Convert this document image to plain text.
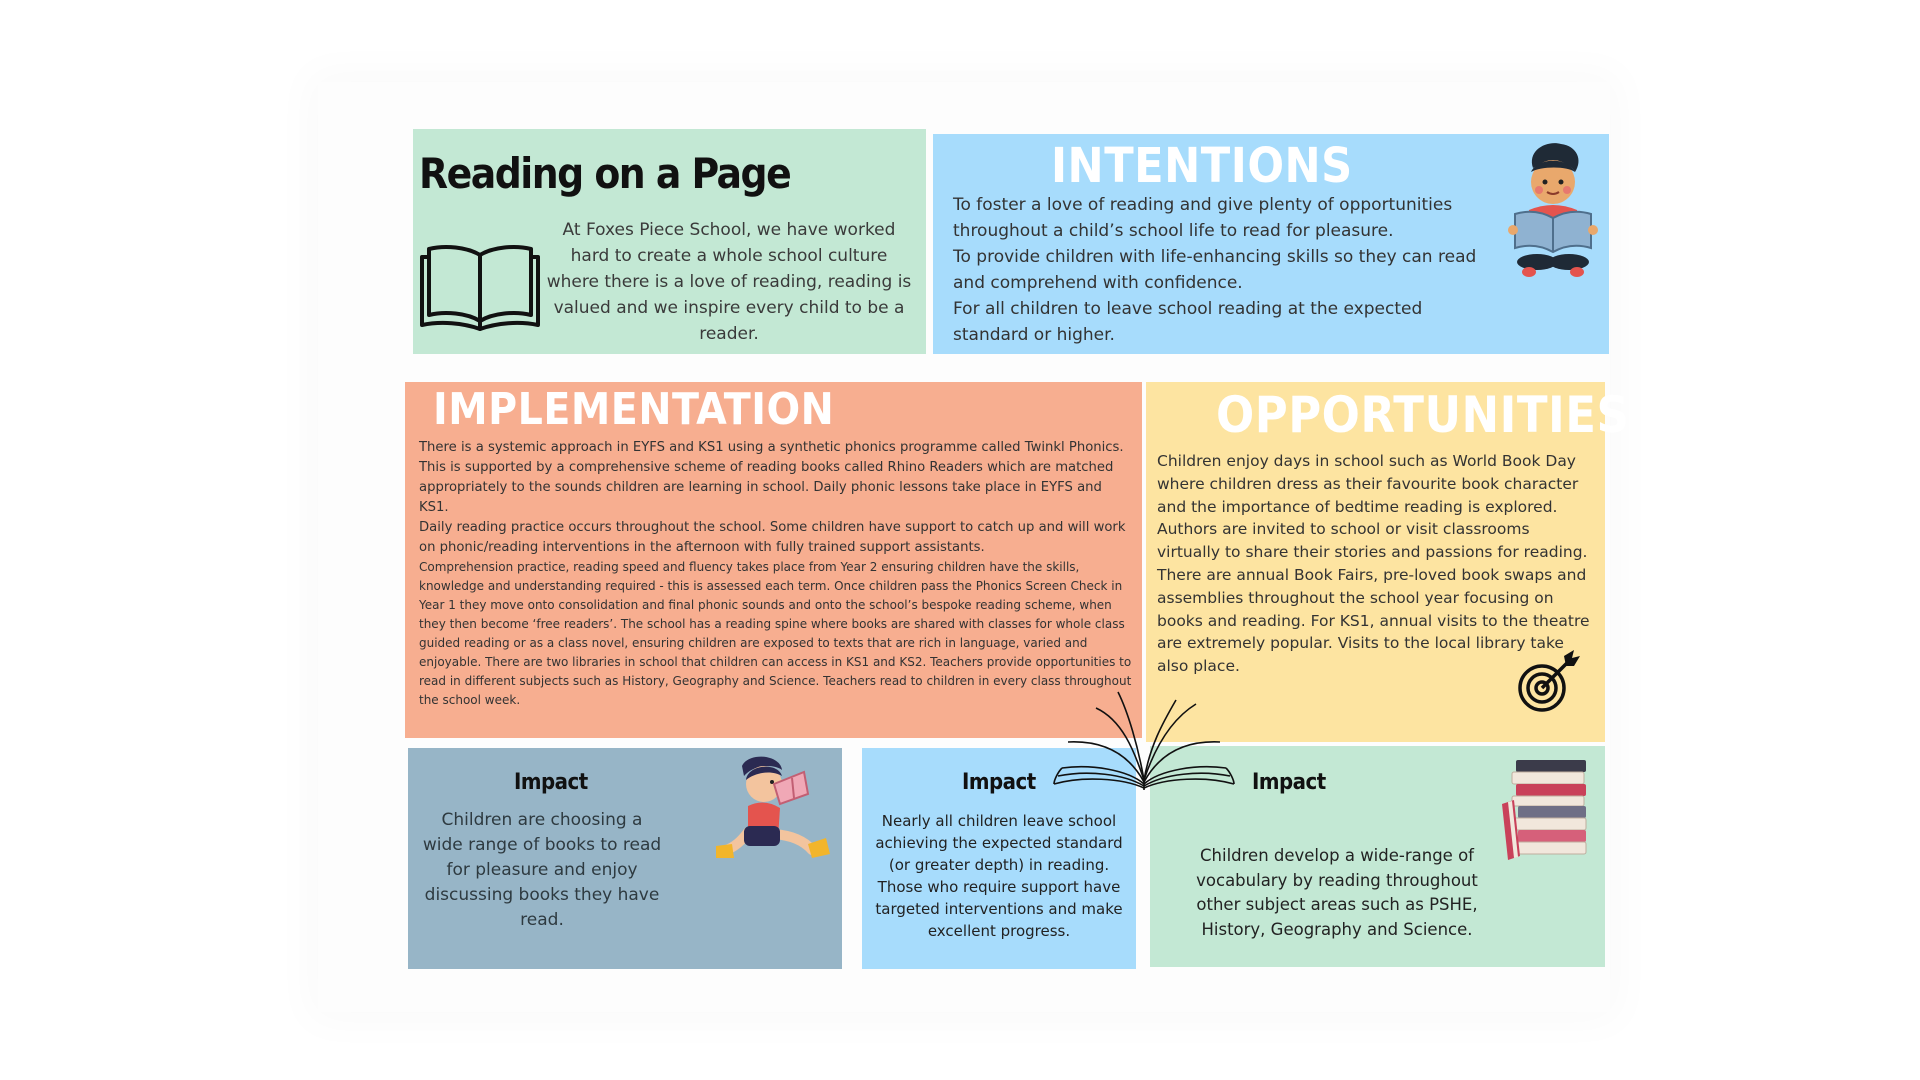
Reading on a Page

At Foxes Piece School, we have worked hard to create a whole school culture where there is a love of reading, reading is valued and we inspire every child to be a reader.

INTENTIONS

To foster a love of reading and give plenty of opportunities throughout a child’s school life to read for pleasure.

To provide children with life-enhancing skills so they can read and comprehend with confidence.

For all children to leave school reading at the expected standard or higher.

IMPLEMENTATION

There is a systemic approach in EYFS and KS1 using a synthetic phonics programme called Twinkl Phonics. This is supported by a comprehensive scheme of reading books called Rhino Readers which are matched appropriately to the sounds children are learning in school. Daily phonic lessons take place in EYFS and KS1.

Daily reading practice occurs throughout the school. Some children have support to catch up and will work on phonic/reading interventions in the afternoon with fully trained support assistants.

Comprehension practice, reading speed and fluency takes place from Year 2 ensuring children have the skills, knowledge and understanding required - this is assessed each term. Once children pass the Phonics Screen Check in Year 1 they move onto consolidation and final phonic sounds and onto the school’s bespoke reading scheme, when they then become ‘free readers’. The school has a reading spine where books are shared with classes for whole class guided reading or as a class novel, ensuring children are exposed to texts that are rich in language, varied and enjoyable. There are two libraries in school that children can access in KS1 and KS2. Teachers provide opportunities to read in different subjects such as History, Geography and Science. Teachers read to children in every class throughout the school week.

OPPORTUNITIES

Children enjoy days in school such as World Book Day where children dress as their favourite book character and the importance of bedtime reading is explored. Authors are invited to school or visit classrooms virtually to share their stories and passions for reading. There are annual Book Fairs, pre-loved book swaps and assemblies throughout the school year focusing on books and reading. For KS1, annual visits to the theatre are extremely popular. Visits to the local library take also place.

Impact

Children are choosing a wide range of books to read for pleasure and enjoy discussing books they have read.

Impact

Nearly all children leave school achieving the expected standard (or greater depth) in reading. Those who require support have targeted interventions and make excellent progress.

Impact

Children develop a wide-range of vocabulary by reading throughout other subject areas such as PSHE, History, Geography and Science.
